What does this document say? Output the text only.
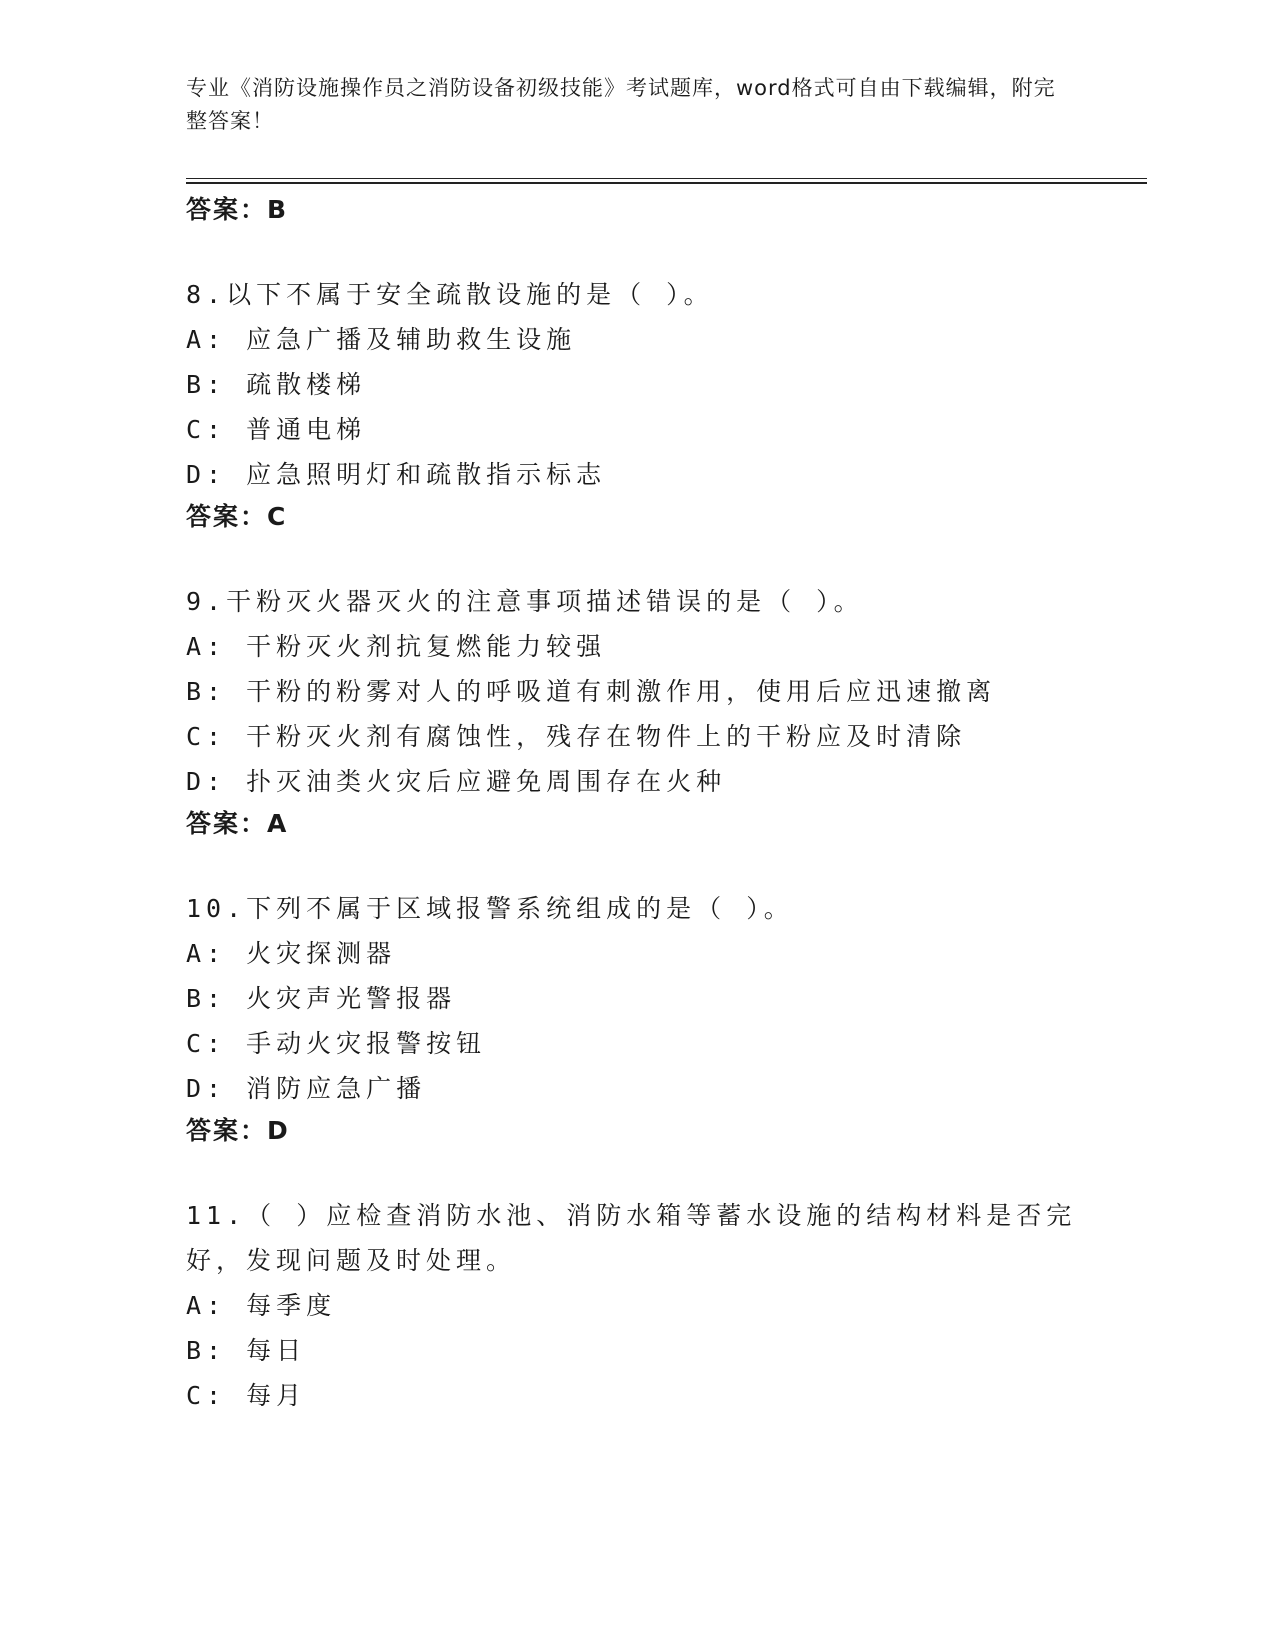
专业《消防设施操作员之消防设备初级技能》考试题库，word格式可自由下载编辑，附完整答案！

答案：B

8.以下不属于安全疏散设施的是（ ）。

A: 应急广播及辅助救生设施

B: 疏散楼梯

C: 普通电梯

D: 应急照明灯和疏散指示标志

答案：C

9.干粉灭火器灭火的注意事项描述错误的是（ ）。

A: 干粉灭火剂抗复燃能力较强

B: 干粉的粉雾对人的呼吸道有刺激作用，使用后应迅速撤离

C: 干粉灭火剂有腐蚀性，残存在物件上的干粉应及时清除

D: 扑灭油类火灾后应避免周围存在火种

答案：A

10.下列不属于区域报警系统组成的是（ ）。

A: 火灾探测器

B: 火灾声光警报器

C: 手动火灾报警按钮

D: 消防应急广播

答案：D

11.（ ）应检查消防水池、消防水箱等蓄水设施的结构材料是否完好，发现问题及时处理。

A: 每季度

B: 每日

C: 每月
